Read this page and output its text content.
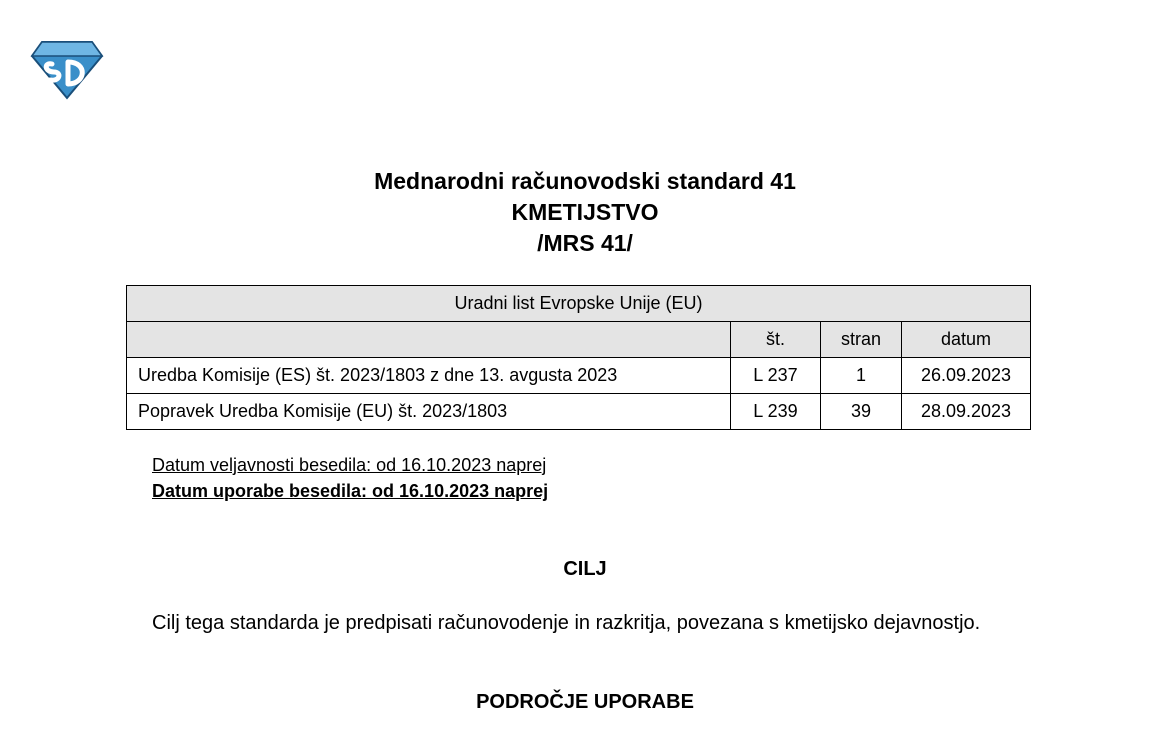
Mednarodni računovodski standard 41
KMETIJSTVO
/MRS 41/
Uradni list Evropske Unije (EU)			
	št.	stran	datum
Uredba Komisije (ES) št. 2023/1803 z dne 13. avgusta 2023	L 237	1	26.09.2023
Popravek Uredba Komisije (EU) št. 2023/1803	L 239	39	28.09.2023
Datum veljavnosti besedila: od 16.10.2023 naprej
Datum uporabe besedila: od 16.10.2023 naprej
CILJ
Cilj tega standarda je predpisati računovodenje in razkritja, povezana s kmetijsko dejavnostjo.
PODROČJE UPORABE
